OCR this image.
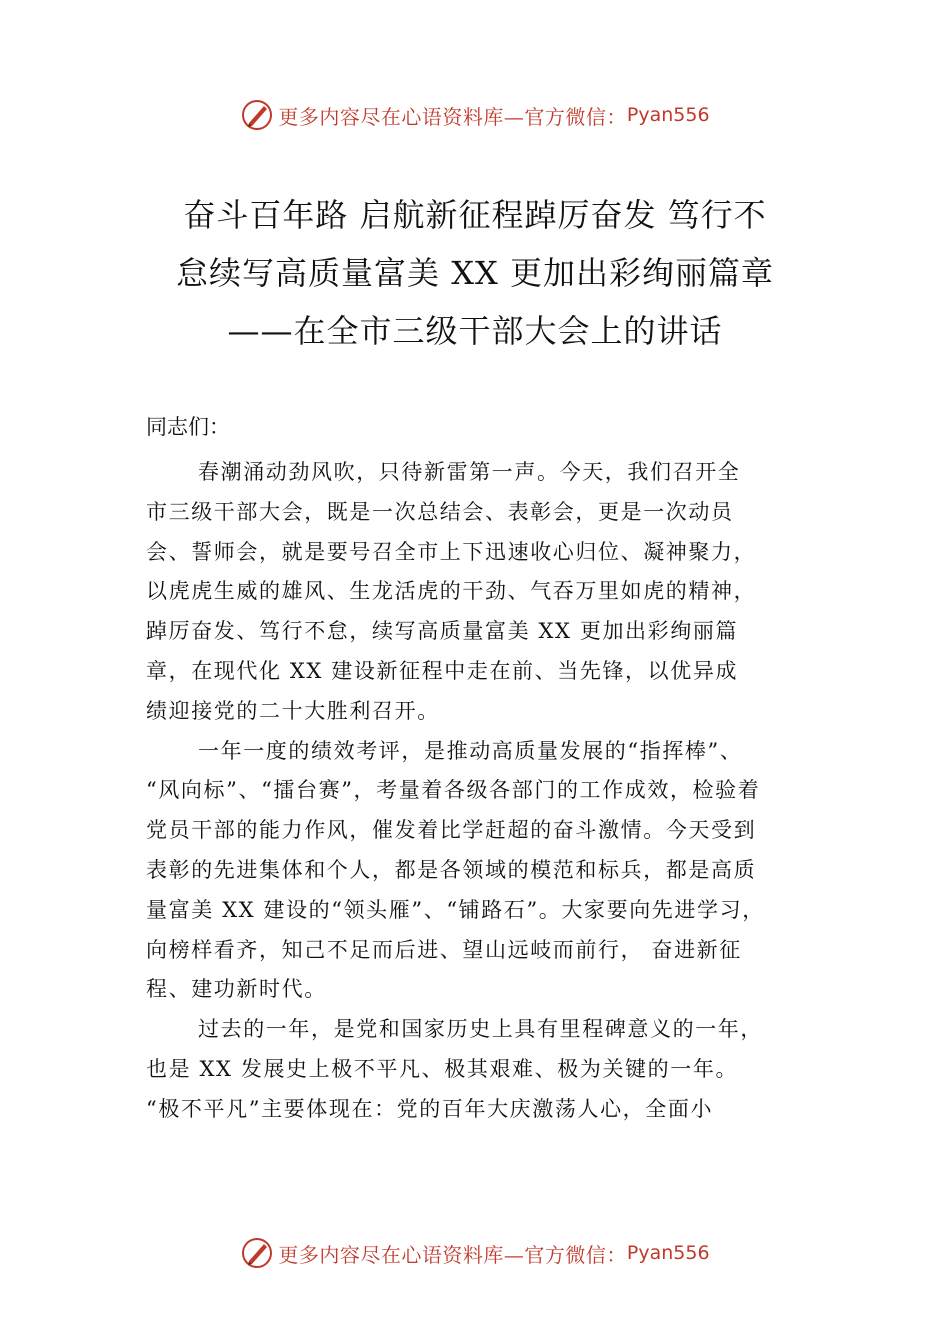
更多内容尽在心语资料库—官方微信： Pyan556
奋斗百年路 启航新征程踔厉奋发 笃行不
怠续写高质量富美 XX 更加出彩绚丽篇章
——在全市三级干部大会上的讲话
同志们：
春潮涌动劲风吹，只待新雷第一声。今天，我们召开全
市三级干部大会，既是一次总结会、表彰会，更是一次动员
会、誓师会，就是要号召全市上下迅速收心归位、凝神聚力，
以虎虎生威的雄风、生龙活虎的干劲、气吞万里如虎的精神，
踔厉奋发、笃行不怠，续写高质量富美 XX 更加出彩绚丽篇
章，在现代化 XX 建设新征程中走在前、当先锋，以优异成
绩迎接党的二十大胜利召开。
一年一度的绩效考评，是推动高质量发展的“指挥棒”、
“风向标”、“擂台赛”，考量着各级各部门的工作成效，检验着
党员干部的能力作风，催发着比学赶超的奋斗激情。今天受到
表彰的先进集体和个人，都是各领域的模范和标兵，都是高质
量富美 XX 建设的“领头雁”、“铺路石”。大家要向先进学习，
向榜样看齐，知己不足而后进、望山远岐而前行， 奋进新征
程、建功新时代。
过去的一年，是党和国家历史上具有里程碑意义的一年，
也是 XX 发展史上极不平凡、极其艰难、极为关键的一年。
“极不平凡”主要体现在：党的百年大庆激荡人心，全面小
更多内容尽在心语资料库—官方微信： Pyan556
